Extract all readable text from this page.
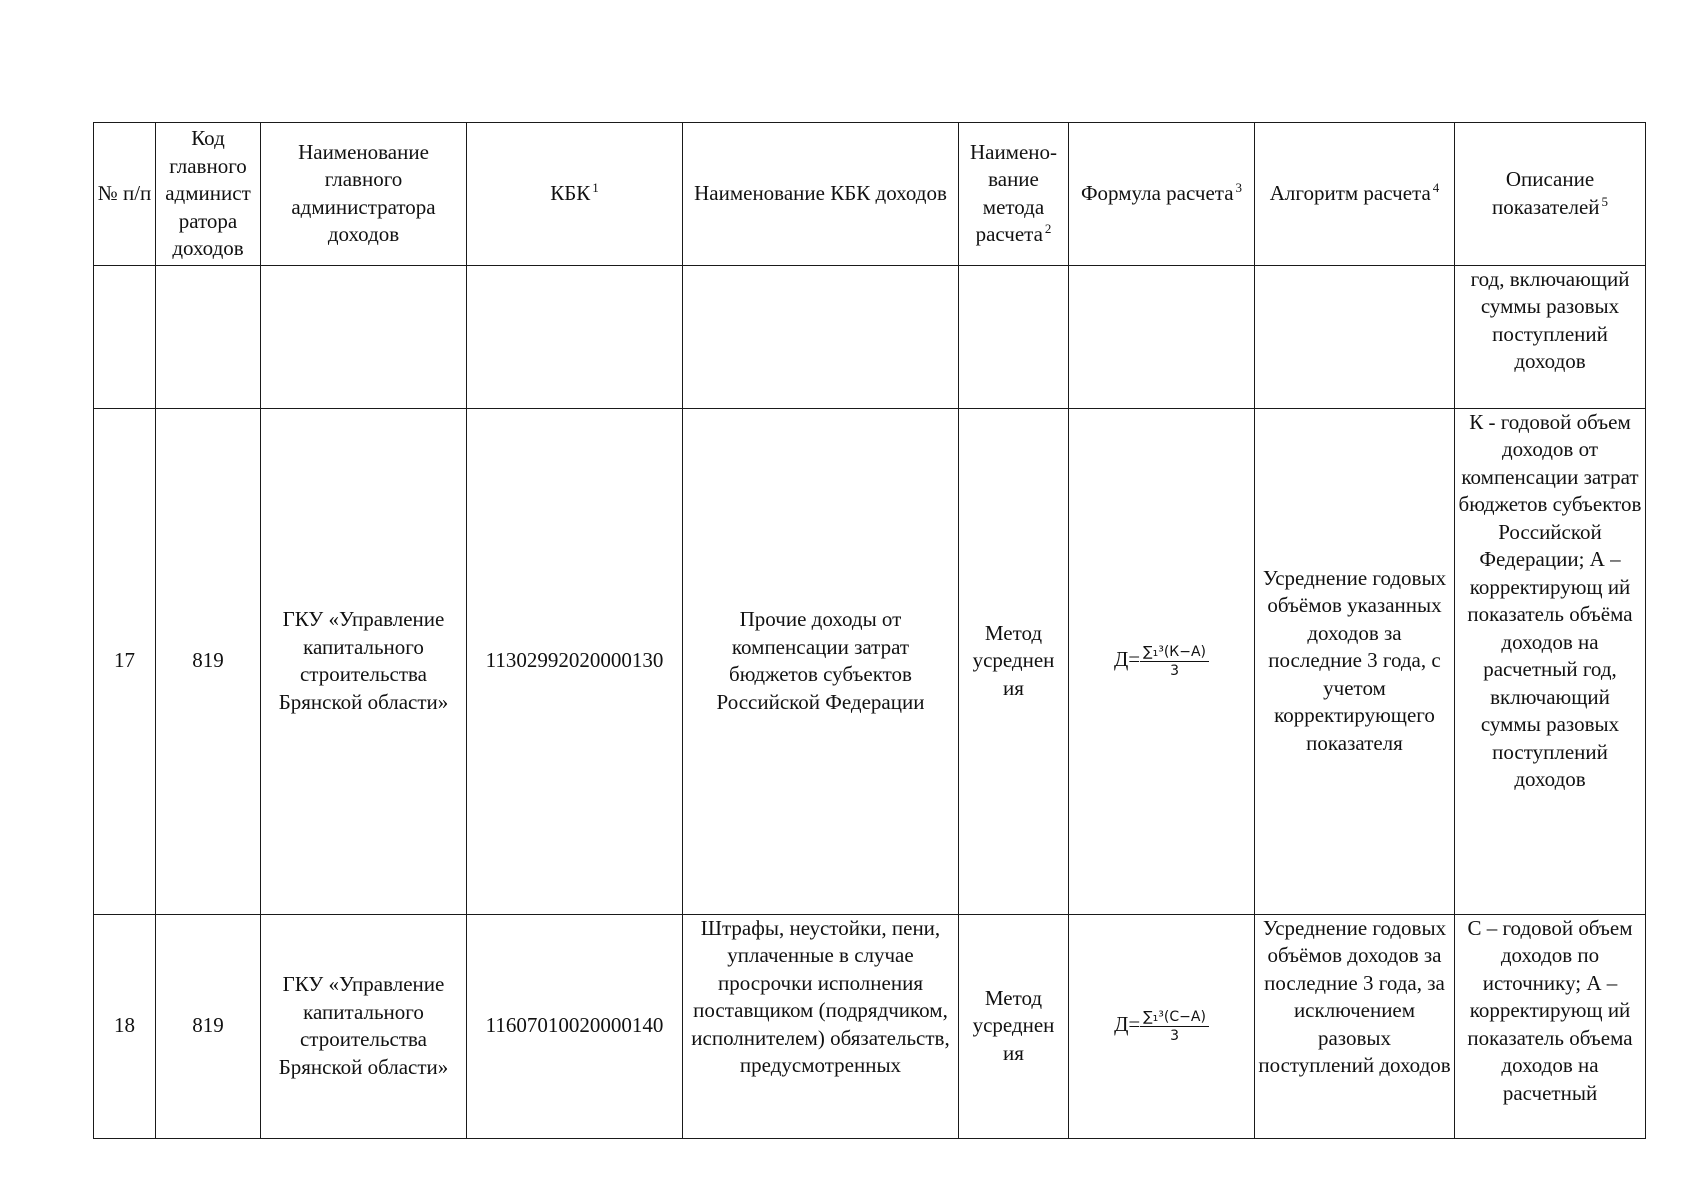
№ п/п	Код главного админист ратора доходов	Наименование главного администратора доходов	КБК $^1$	Наименование КБК доходов	Наимено- вание метода расчета $^2$	Формула расчета $^3$	Алгоритм расчета $^4$	Описание показателей $^5$
								год, включающий суммы разовых поступлений доходов
17	819	ГКУ «Управление капитального строительства Брянской области»	11302992020000130	Прочие доходы от компенсации затрат бюджетов субъектов Российской Федерации	Метод усреднен ия	$Д= \frac{\text{∑₁³(К−А)}}{3}$	Усреднение годовых объёмов указанных доходов за последние 3 года, с учетом корректирующего показателя	К - годовой объем доходов от компенсации затрат бюджетов субъектов Российской Федерации; А – корректирующ ий показатель объёма доходов на расчетный год, включающий суммы разовых поступлений доходов
18	819	ГКУ «Управление капитального строительства Брянской области»	11607010020000140	Штрафы, неустойки, пени, уплаченные в случае просрочки исполнения поставщиком (подрядчиком, исполнителем) обязательств, предусмотренных	Метод усреднен ия	$Д= \frac{\text{∑₁³(С−А)}}{3}$	Усреднение годовых объёмов доходов за последние 3 года, за исключением разовых поступлений доходов	С – годовой объем доходов по источнику; А – корректирующ ий показатель объема доходов на расчетный
